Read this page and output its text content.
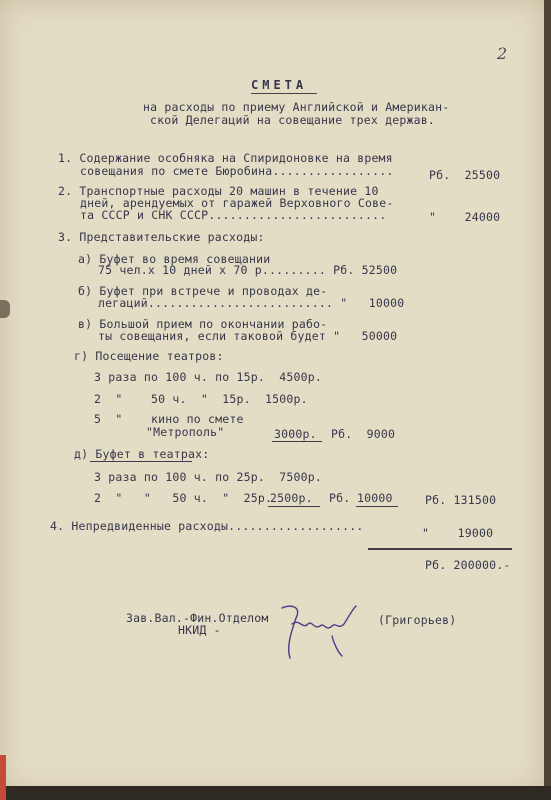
2
СМЕТА
на расходы по приему Английской и Американ-
ской Делегаций на совещание трех держав.
1. Содержание особняка на Спиридоновке на время
совещания по смете Бюробина.................	Рб.  25500
2. Транспортные расходы 20 машин в течение 10
дней, арендуемых от гаражей Верховного Сове-
та СССР и СНК СССР.........................	"    24000
3. Представительские расходы:
а) Буфет во время совещании
75 чел.х 10 дней х 70 р......... Рб. 52500
б) Буфет при встрече и проводах де-
легаций.......................... "   10000
в) Большой прием по окончании рабо-
ты совещания, если таковой будет "   50000
г) Посещение театров:
3 раза по 100 ч. по 15р.  4500р.
2  "    50 ч.  "  15р.  1500р.
5  "    кино по смете
"Метрополь"	3000р. Рб.  9000
д) Буфет в театрах:
3 раза по 100 ч. по 25р.  7500р.
2  "   "   50 ч.  "  25р.
2500р. Рб. 10000	Рб. 131500
4. Непредвиденные расходы...................	"    19000
Рб. 200000.-
Зав.Вал.-Фин.Отделом
НКИД -
(Григорьев)
